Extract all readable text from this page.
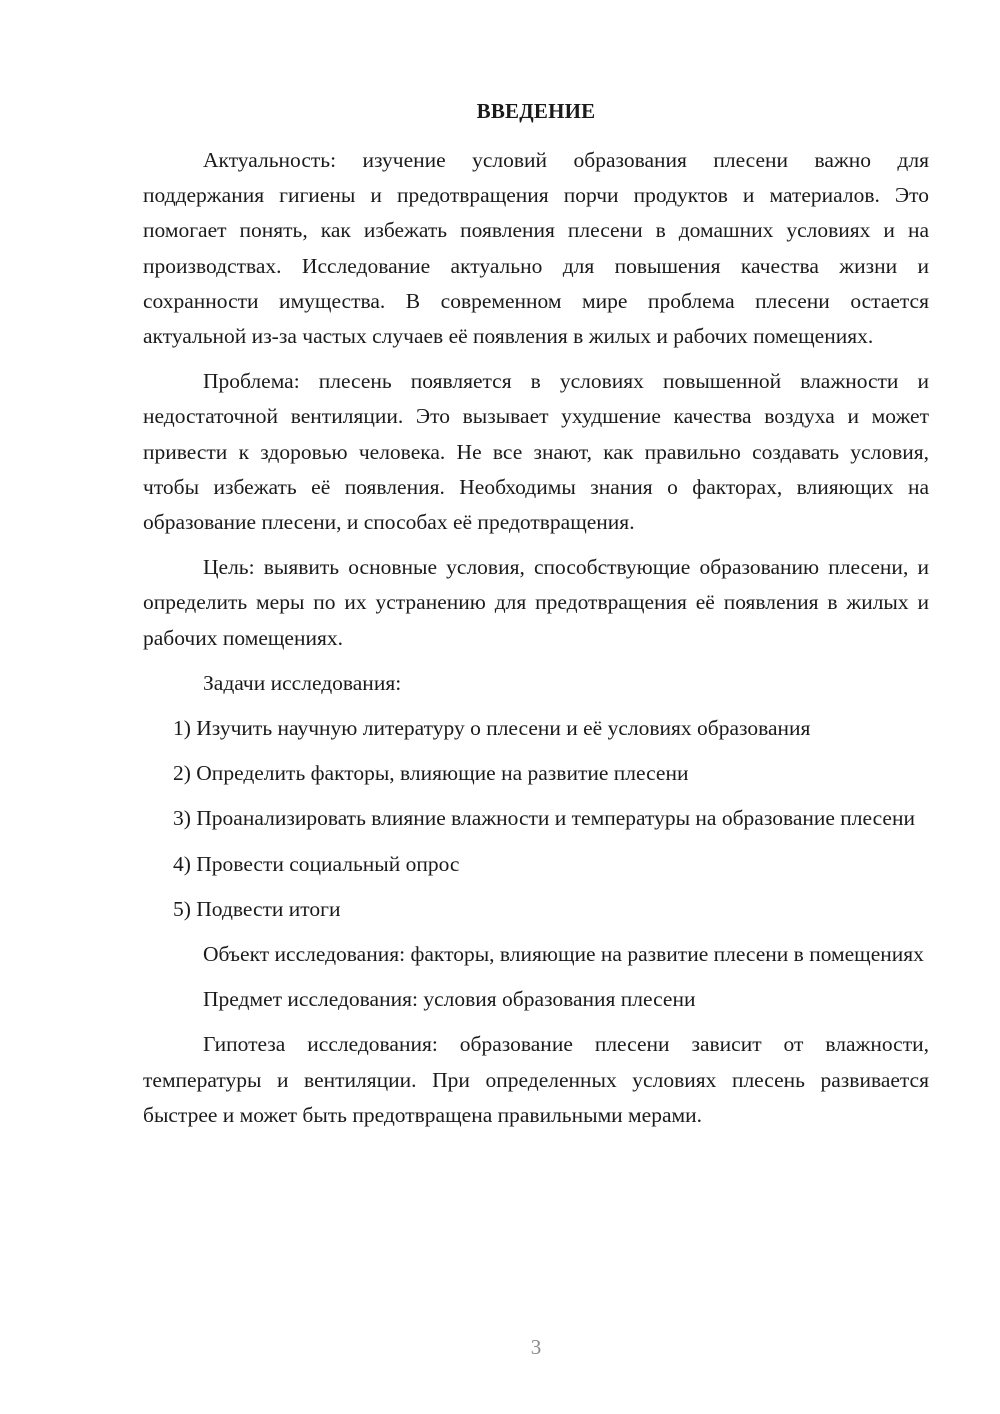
ВВЕДЕНИЕ

Актуальность: изучение условий образования плесени важно для поддержания гигиены и предотвращения порчи продуктов и материалов. Это помогает понять, как избежать появления плесени в домашних условиях и на производствах. Исследование актуально для повышения качества жизни и сохранности имущества. В современном мире проблема плесени остается актуальной из-за частых случаев её появления в жилых и рабочих помещениях.

Проблема: плесень появляется в условиях повышенной влажности и недостаточной вентиляции. Это вызывает ухудшение качества воздуха и может привести к здоровью человека. Не все знают, как правильно создавать условия, чтобы избежать её появления. Необходимы знания о факторах, влияющих на образование плесени, и способах её предотвращения.

Цель: выявить основные условия, способствующие образованию плесени, и определить меры по их устранению для предотвращения её появления в жилых и рабочих помещениях.

Задачи исследования:

1) Изучить научную литературу о плесени и её условиях образования

2) Определить факторы, влияющие на развитие плесени

3) Проанализировать влияние влажности и температуры на образование плесени

4) Провести социальный опрос

5) Подвести итоги

Объект исследования: факторы, влияющие на развитие плесени в помещениях

Предмет исследования: условия образования плесени

Гипотеза исследования: образование плесени зависит от влажности, температуры и вентиляции. При определенных условиях плесень развивается быстрее и может быть предотвращена правильными мерами.

3
